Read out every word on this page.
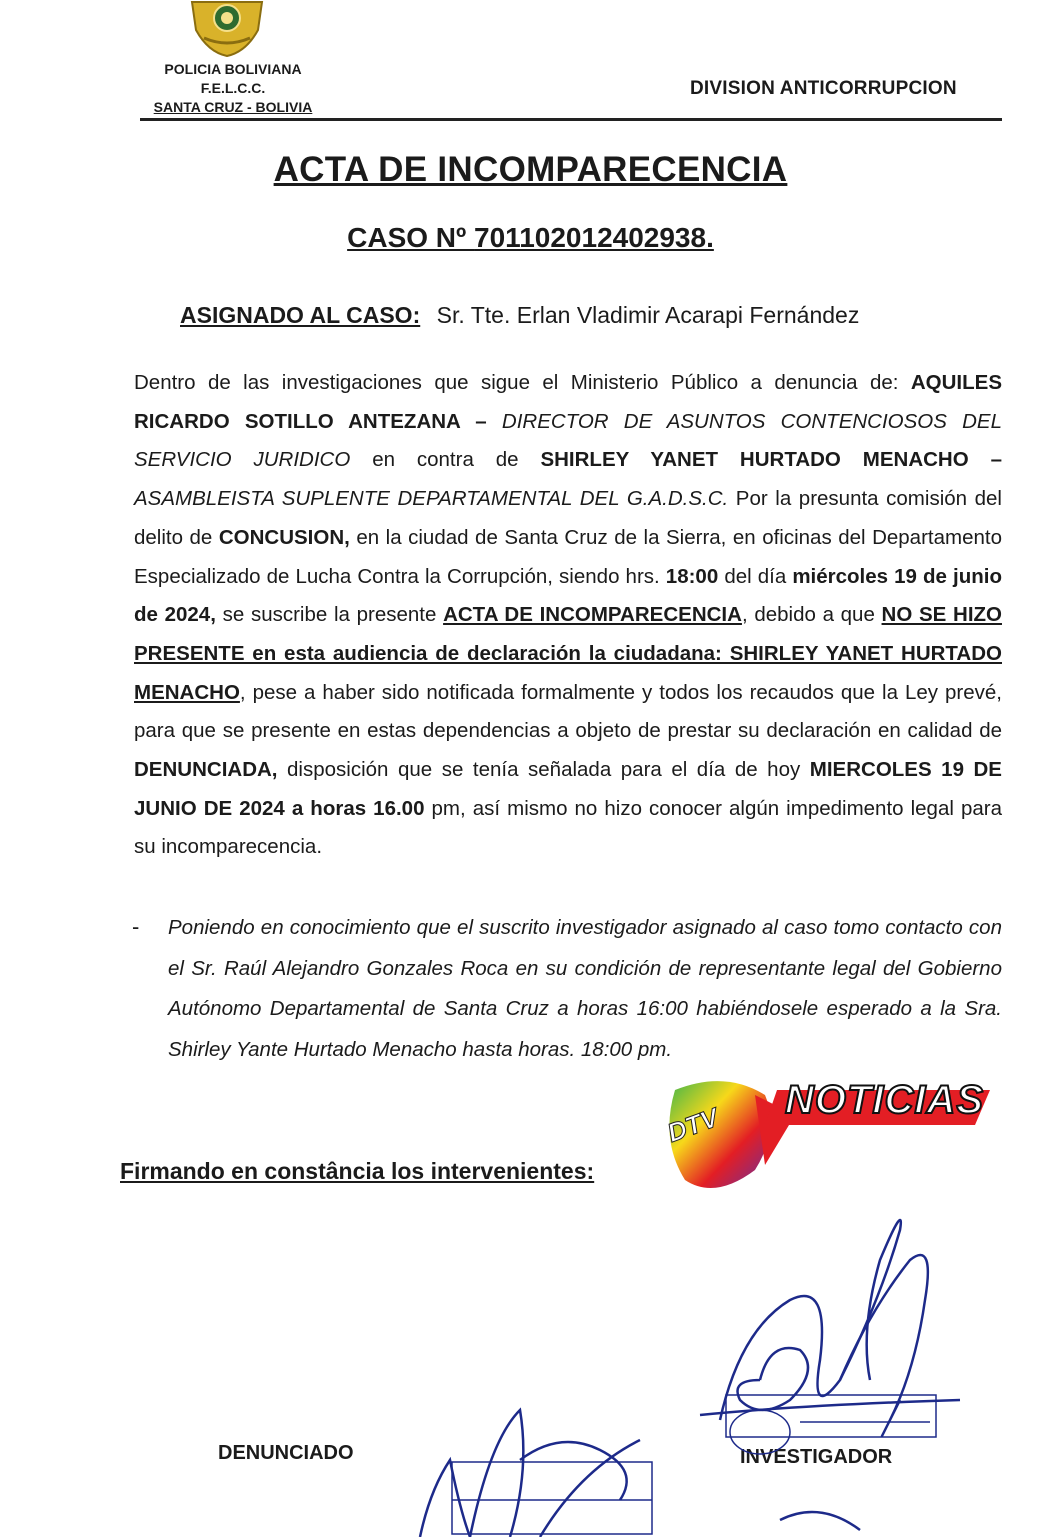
POLICIA BOLIVIANA
F.E.L.C.C.
SANTA CRUZ - BOLIVIA
DIVISION ANTICORRUPCION
ACTA DE INCOMPARECENCIA
CASO Nº 701102012402938.
ASIGNADO AL CASO: Sr. Tte. Erlan Vladimir Acarapi Fernández
Dentro de las investigaciones que sigue el Ministerio Público a denuncia de: AQUILES RICARDO SOTILLO ANTEZANA – DIRECTOR DE ASUNTOS CONTENCIOSOS DEL SERVICIO JURIDICO en contra de SHIRLEY YANET HURTADO MENACHO – ASAMBLEISTA SUPLENTE DEPARTAMENTAL DEL G.A.D.S.C. Por la presunta comisión del delito de CONCUSION, en la ciudad de Santa Cruz de la Sierra, en oficinas del Departamento Especializado de Lucha Contra la Corrupción, siendo hrs. 18:00 del día miércoles 19 de junio de 2024, se suscribe la presente ACTA DE INCOMPARECENCIA, debido a que NO SE HIZO PRESENTE en esta audiencia de declaración la ciudadana: SHIRLEY YANET HURTADO MENACHO, pese a haber sido notificada formalmente y todos los recaudos que la Ley prevé, para que se presente en estas dependencias a objeto de prestar su declaración en calidad de DENUNCIADA, disposición que se tenía señalada para el día de hoy MIERCOLES 19 DE JUNIO DE 2024 a horas 16.00 pm, así mismo no hizo conocer algún impedimento legal para su incomparecencia.
- Poniendo en conocimiento que el suscrito investigador asignado al caso tomo contacto con el Sr. Raúl Alejandro Gonzales Roca en su condición de representante legal del Gobierno Autónomo Departamental de Santa Cruz a horas 16:00 habiéndosele esperado a la Sra. Shirley Yante Hurtado Menacho hasta horas. 18:00 pm.
DTV
NOTICIAS
Firmando en constância los intervenientes:
DENUNCIADO	INVESTIGADOR
